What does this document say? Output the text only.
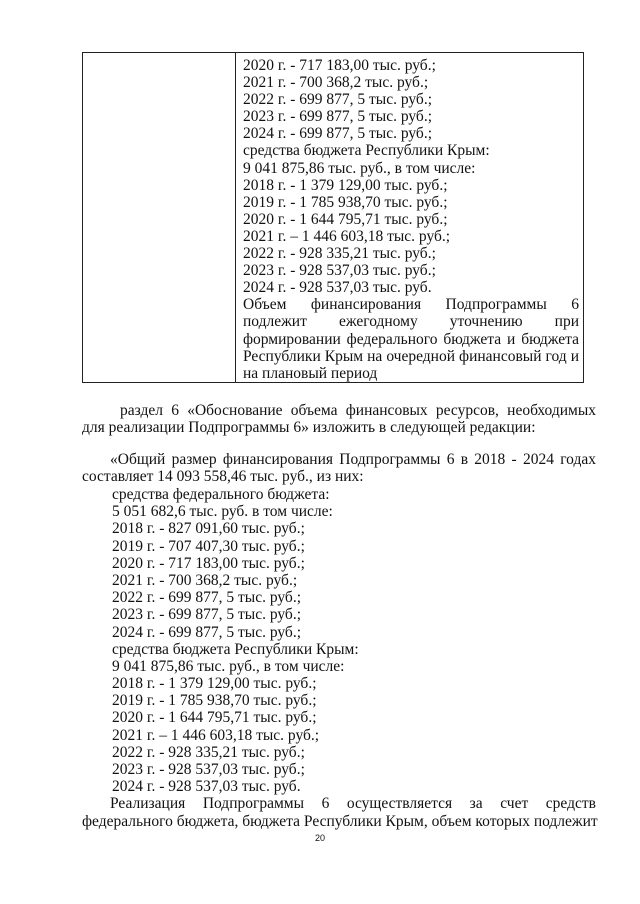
2020 г. - 717 183,00 тыс. руб.;
2021 г. - 700 368,2 тыс. руб.;
2022 г. - 699 877, 5 тыс. руб.;
2023 г. - 699 877, 5 тыс. руб.;
2024 г. - 699 877, 5 тыс. руб.;
средства бюджета Республики Крым:
9 041 875,86 тыс. руб., в том числе:
2018 г. - 1 379 129,00 тыс. руб.;
2019 г. - 1 785 938,70 тыс. руб.;
2020 г. - 1 644 795,71 тыс. руб.;
2021 г. – 1 446 603,18 тыс. руб.;
2022 г. - 928 335,21 тыс. руб.;
2023 г. - 928 537,03 тыс. руб.;
2024 г. - 928 537,03 тыс. руб.
Объем финансирования Подпрограммы 6 подлежит ежегодному уточнению при формировании федерального бюджета и бюджета Республики Крым на очередной финансовый год и на плановый период
раздел 6 «Обоснование объема финансовых ресурсов, необходимых для реализации Подпрограммы 6» изложить в следующей редакции:
«Общий размер финансирования Подпрограммы 6 в 2018 - 2024 годах составляет 14 093 558,46 тыс. руб., из них:
средства федерального бюджета:
5 051 682,6 тыс. руб. в том числе:
2018 г. - 827 091,60 тыс. руб.;
2019 г. - 707 407,30 тыс. руб.;
2020 г. - 717 183,00 тыс. руб.;
2021 г. - 700 368,2 тыс. руб.;
2022 г. - 699 877, 5 тыс. руб.;
2023 г. - 699 877, 5 тыс. руб.;
2024 г. - 699 877, 5 тыс. руб.;
средства бюджета Республики Крым:
9 041 875,86 тыс. руб., в том числе:
2018 г. - 1 379 129,00 тыс. руб.;
2019 г. - 1 785 938,70 тыс. руб.;
2020 г. - 1 644 795,71 тыс. руб.;
2021 г. – 1 446 603,18 тыс. руб.;
2022 г. - 928 335,21 тыс. руб.;
2023 г. - 928 537,03 тыс. руб.;
2024 г. - 928 537,03 тыс. руб.
Реализация Подпрограммы 6 осуществляется за счет средств
федерального бюджета, бюджета Республики Крым, объем которых подлежит
20
